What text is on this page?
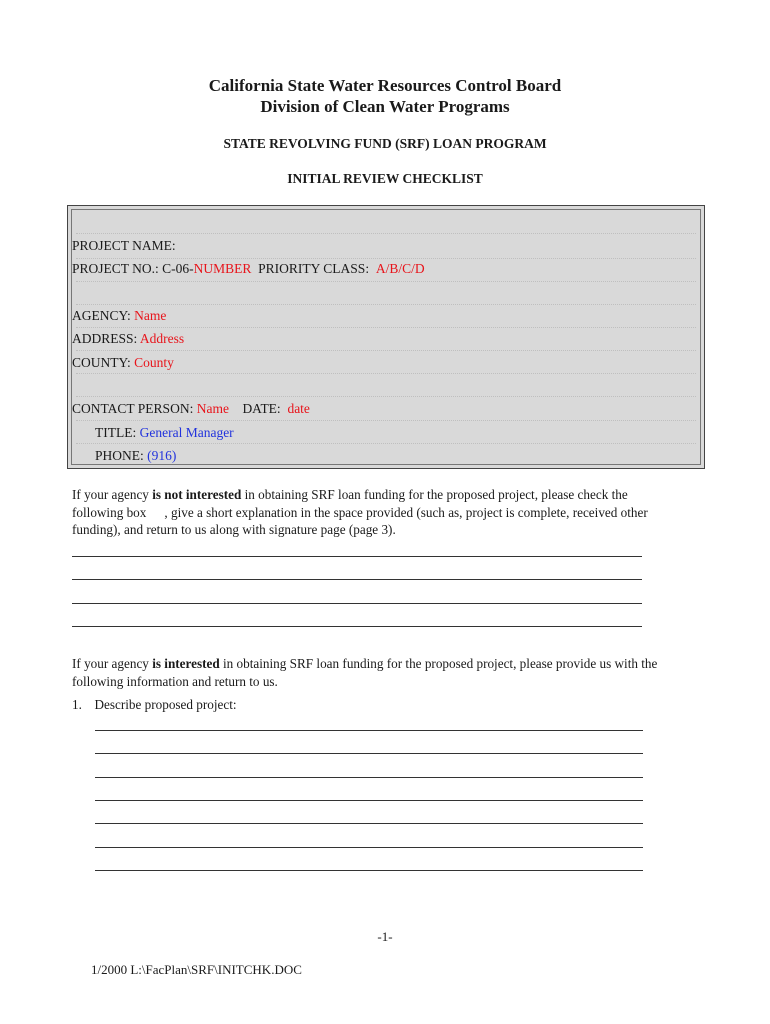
California State Water Resources Control Board
Division of Clean Water Programs
STATE REVOLVING FUND (SRF) LOAN PROGRAM
INITIAL REVIEW CHECKLIST
PROJECT NAME:
PROJECT NO.: C-06-NUMBER PRIORITY CLASS: A/B/C/D
AGENCY: Name
ADDRESS: Address
COUNTY: County
CONTACT PERSON: Name DATE: date
TITLE: General Manager
PHONE: (916)
If your agency is not interested in obtaining SRF loan funding for the proposed project, please check the
following box , give a short explanation in the space provided (such as, project is complete, received other
funding), and return to us along with signature page (page 3).
If your agency is interested in obtaining SRF loan funding for the proposed project, please provide us with the
following information and return to us.
1. Describe proposed project:
-1-
1/2000 L:\FacPlan\SRF\INITCHK.DOC
